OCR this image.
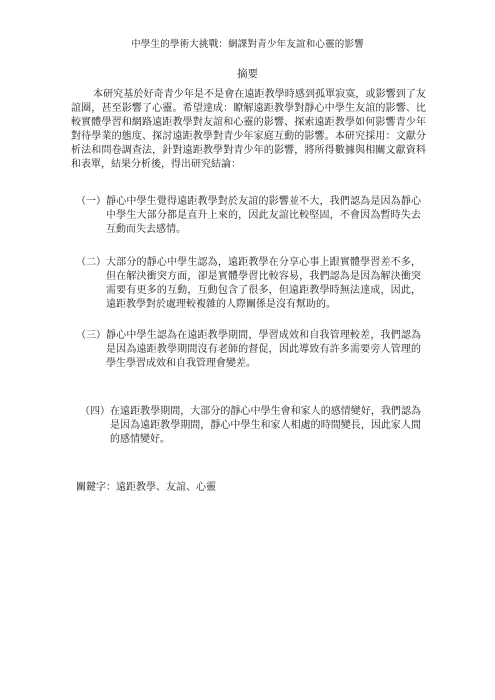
中學生的學術大挑戰：網課對青少年友誼和心靈的影響
摘要

本研究基於好奇青少年是不是會在遠距教學時感到孤單寂寞，或影響到了友誼圈，甚至影響了心靈。希望達成：瞭解遠距教學對靜心中學生友誼的影響、比較實體學習和網路遠距教學對友誼和心靈的影響、探索遠距教學如何影響青少年對待學業的態度、探討遠距教學對青少年家庭互動的影響。本研究採用：文獻分析法和問卷調查法，針對遠距教學對青少年的影響，將所得數據與相關文獻資料和表單，結果分析後，得出研究結論：

（一） 靜心中學生覺得遠距教學對於友誼的影響並不大，我們認為是因為靜心中學生大部分都是直升上來的，因此友誼比較堅固，不會因為暫時失去互動而失去感情。
（二） 大部分的靜心中學生認為，遠距教學在分享心事上跟實體學習差不多，但在解決衝突方面，卻是實體學習比較容易，我們認為是因為解決衝突需要有更多的互動，互動包含了很多，但遠距教學時無法達成，因此，遠距教學對於處理較複雜的人際關係是沒有幫助的。
（三） 靜心中學生認為在遠距教學期間，學習成效和自我管理較差，我們認為是因為遠距教學期間沒有老師的督促，因此導致有許多需要旁人管理的學生學習成效和自我管理會變差。
（四） 在遠距教學期間，大部分的靜心中學生會和家人的感情變好，我們認為是因為遠距教學期間，靜心中學生和家人相處的時間變長，因此家人間的感情變好。
關鍵字：遠距教學、友誼、心靈
